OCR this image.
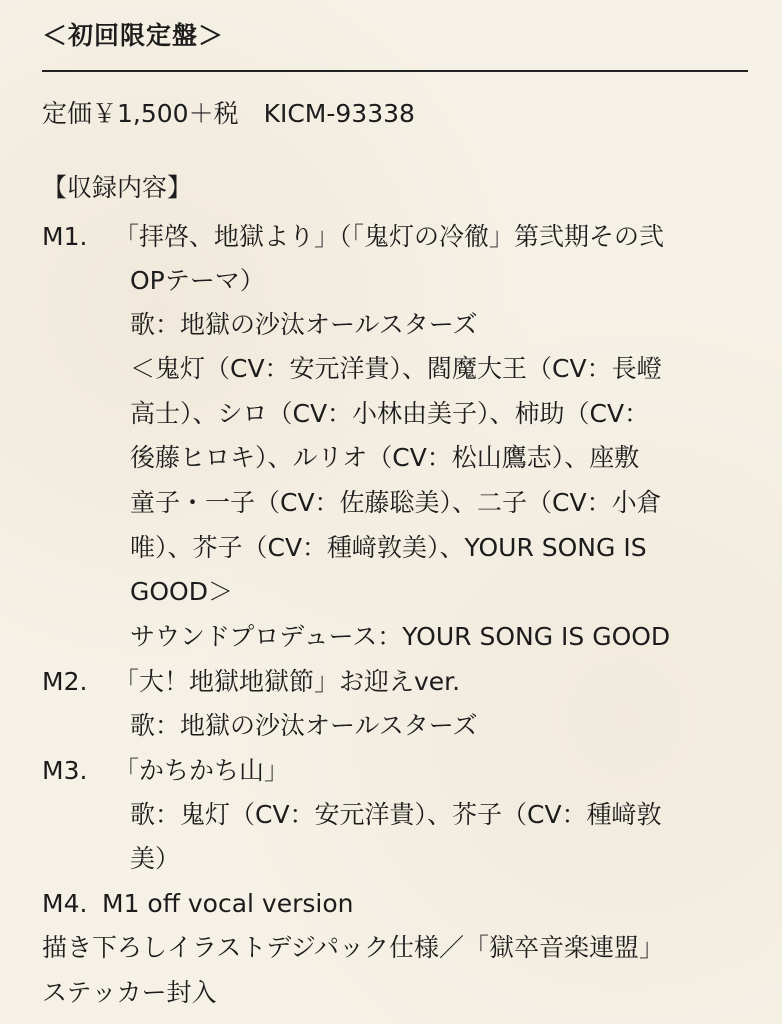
＜初回限定盤＞
定価￥1,500＋税　KICM-93338
【収録内容】
M1. 「拝啓、地獄より」（「鬼灯の冷徹」第弐期その弐
OPテーマ）
歌：地獄の沙汰オールスターズ
＜鬼灯（CV：安元洋貴）、閻魔大王（CV：長嶝
高士）、シロ（CV：小林由美子）、柿助（CV：
後藤ヒロキ）、ルリオ（CV：松山鷹志）、座敷
童子・一子（CV：佐藤聡美）、二子（CV：小倉
唯）、芥子（CV：種﨑敦美）、YOUR SONG IS
GOOD＞
サウンドプロデュース：YOUR SONG IS GOOD
M2. 「大！地獄地獄節」お迎えver.
歌：地獄の沙汰オールスターズ
M3. 「かちかち山」
歌：鬼灯（CV：安元洋貴）、芥子（CV：種﨑敦
美）
M4. M1 off vocal version
描き下ろしイラストデジパック仕様／「獄卒音楽連盟」
ステッカー封入
